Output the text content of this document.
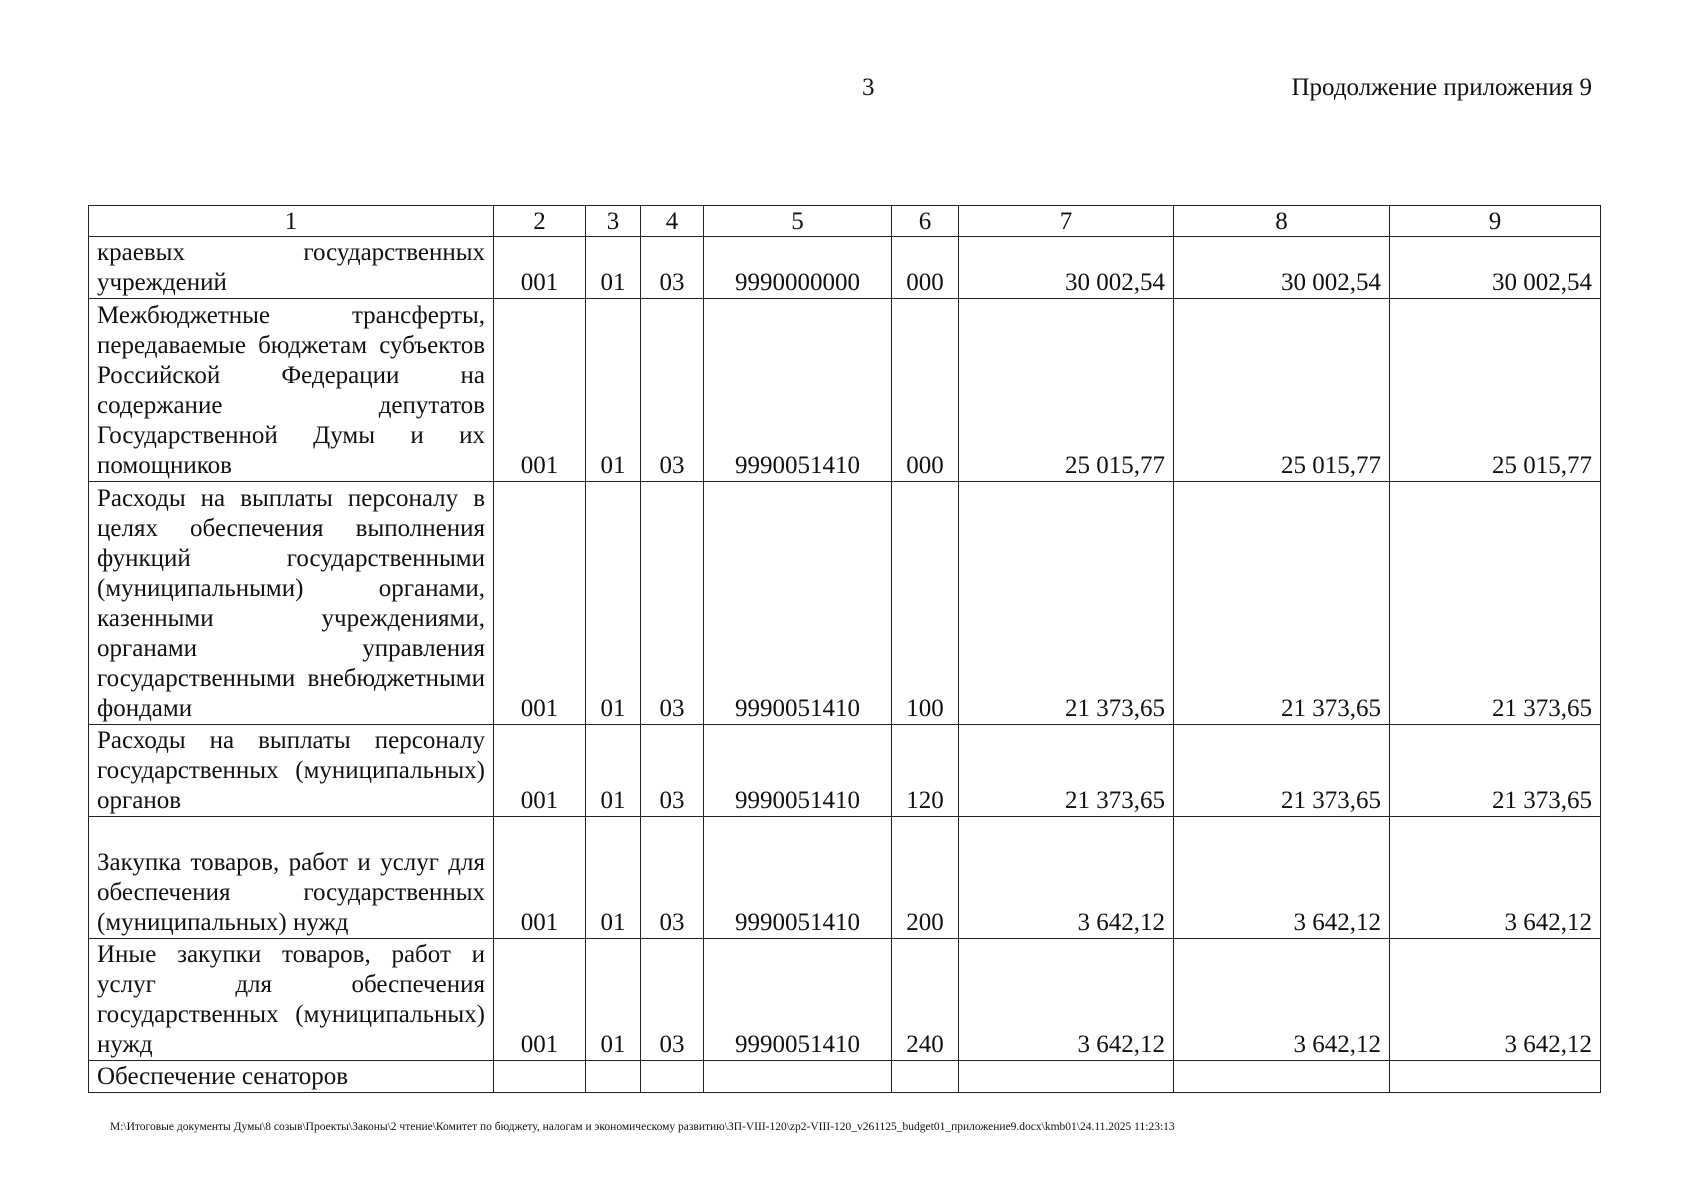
3	Продолжение приложения 9
1	2	3	4	5	6	7	8	9
краевых государственных учреждений	001	01	03	9990000000	000	30 002,54	30 002,54	30 002,54
Межбюджетные трансферты, передаваемые бюджетам субъектов Российской Федерации на содержание депутатов Государственной Думы и их помощников	001	01	03	9990051410	000	25 015,77	25 015,77	25 015,77
Расходы на выплаты персоналу в целях обеспечения выполнения функций государственными (муниципальными) органами, казенными учреждениями, органами управления государственными внебюджетными фондами	001	01	03	9990051410	100	21 373,65	21 373,65	21 373,65
Расходы на выплаты персоналу государственных (муниципальных) органов	001	01	03	9990051410	120	21 373,65	21 373,65	21 373,65
Закупка товаров, работ и услуг для обеспечения государственных (муниципальных) нужд	001	01	03	9990051410	200	3 642,12	3 642,12	3 642,12
Иные закупки товаров, работ и услуг для обеспечения государственных (муниципальных) нужд	001	01	03	9990051410	240	3 642,12	3 642,12	3 642,12
Обеспечение сенаторов								
M:\Итоговые документы Думы\8 созыв\Проекты\Законы\2 чтение\Комитет по бюджету, налогам и экономическому развитию\ЗП-VIII-120\zp2-VIII-120_v261125_budget01_приложение9.docx\kmb01\24.11.2025 11:23:13
